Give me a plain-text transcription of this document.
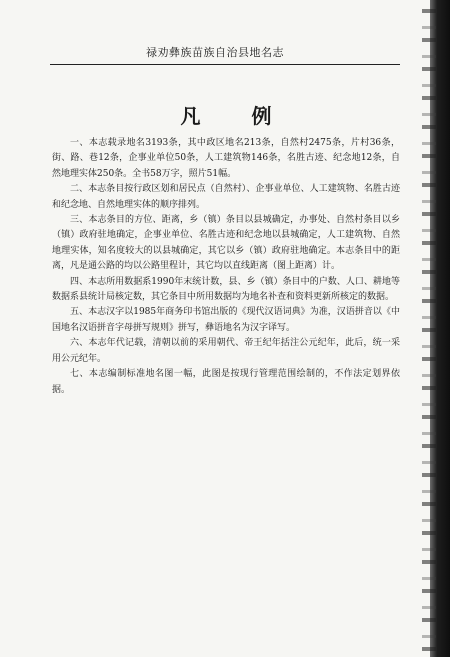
禄劝彝族苗族自治县地名志
凡 例

一、本志载录地名3193条，其中政区地名213条，自然村2475条，片村36条，街、路、巷12条，企事业单位50条，人工建筑物146条，名胜古迹、纪念地12条，自然地理实体250条。全书58万字，照片51幅。

二、本志条目按行政区划和居民点（自然村）、企事业单位、人工建筑物、名胜古迹和纪念地、自然地理实体的顺序排列。

三、本志条目的方位、距离，乡（镇）条目以县城确定，办事处、自然村条目以乡（镇）政府驻地确定，企事业单位、名胜古迹和纪念地以县城确定，人工建筑物、自然地理实体，知名度较大的以县城确定，其它以乡（镇）政府驻地确定。本志条目中的距离，凡是通公路的均以公路里程计，其它均以直线距离（图上距离）计。

四、本志所用数据系1990年末统计数，县、乡（镇）条目中的户数、人口、耕地等数据系县统计局核定数，其它条目中所用数据均为地名补查和资料更新所核定的数据。

五、本志汉字以1985年商务印书馆出版的《现代汉语词典》为准，汉语拼音以《中国地名汉语拼音字母拼写规则》拼写，彝语地名为汉字译写。

六、本志年代记载，清朝以前的采用朝代、帝王纪年括注公元纪年，此后，统一采用公元纪年。

七、本志编制标准地名图一幅，此图是按现行管理范围绘制的，不作法定划界依据。
